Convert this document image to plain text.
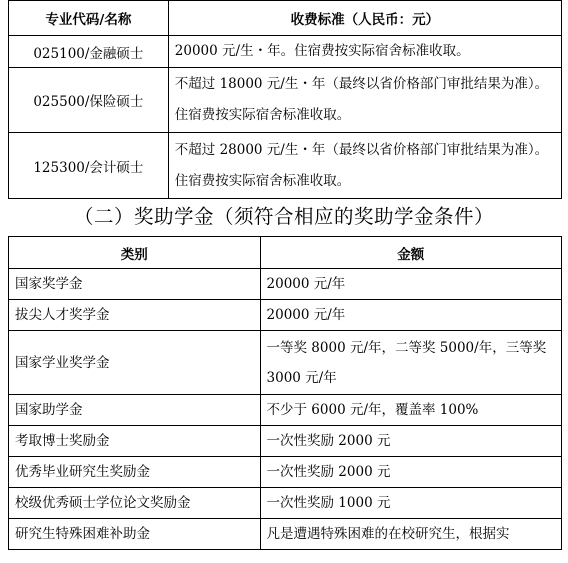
专业代码/名称	收费标准（人民币：元）
025100/金融硕士	20000 元/生・年。住宿费按实际宿舍标准收取。
025500/保险硕士	不超过 18000 元/生・年（最终以省价格部门审批结果为准）。住宿费按实际宿舍标准收取。
125300/会计硕士	不超过 28000 元/生・年（最终以省价格部门审批结果为准）。住宿费按实际宿舍标准收取。
（二）奖助学金（须符合相应的奖助学金条件）
类别	金额
国家奖学金	20000 元/年
拔尖人才奖学金	20000 元/年
国家学业奖学金	一等奖 8000 元/年，二等奖 5000/年，三等奖 3000 元/年
国家助学金	不少于 6000 元/年，覆盖率 100%
考取博士奖励金	一次性奖励 2000 元
优秀毕业研究生奖励金	一次性奖励 2000 元
校级优秀硕士学位论文奖励金	一次性奖励 1000 元
研究生特殊困难补助金	凡是遭遇特殊困难的在校研究生，根据实
